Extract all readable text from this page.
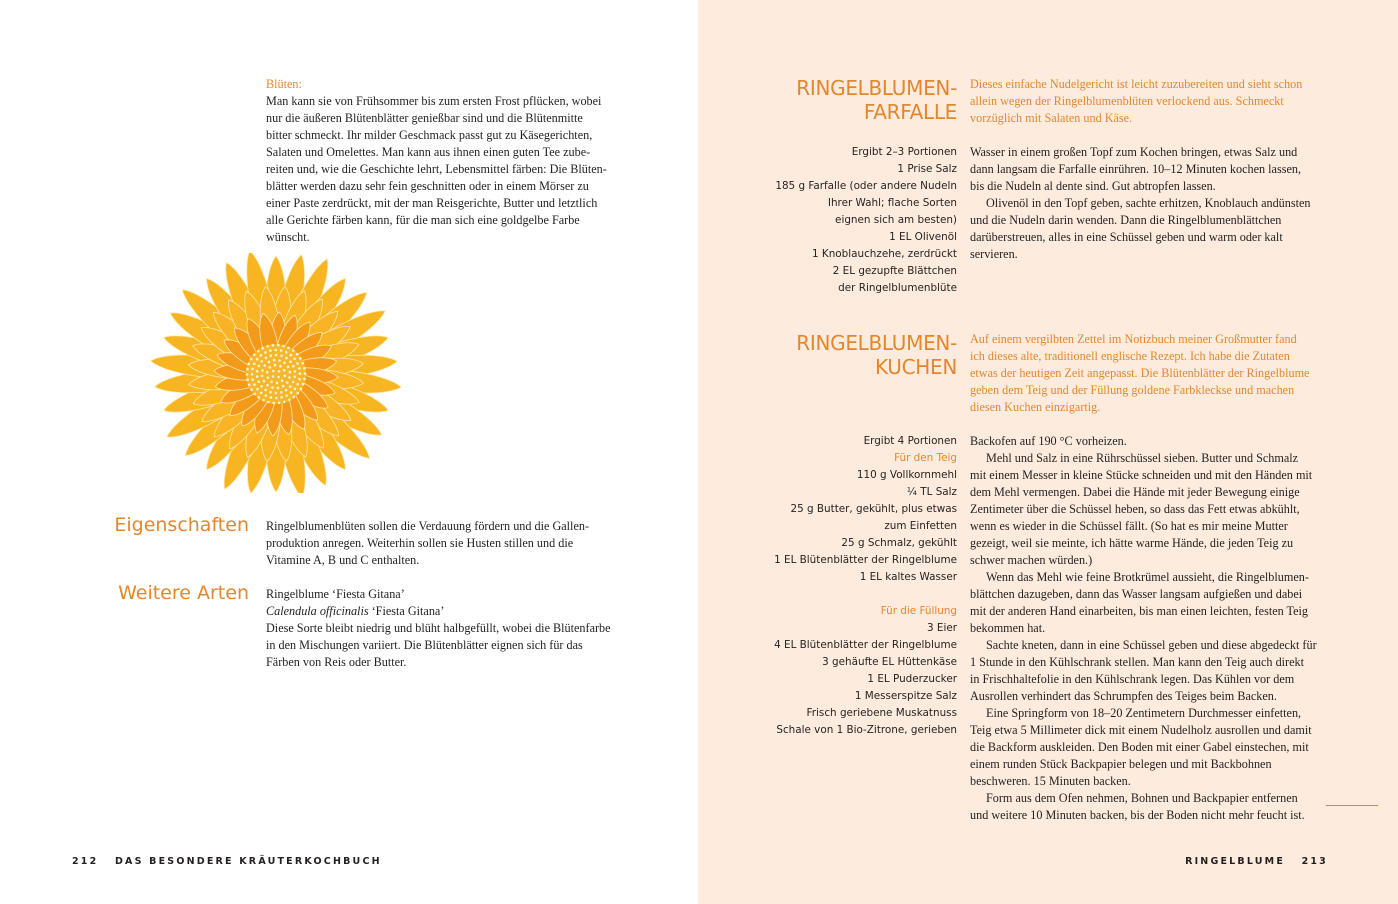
Blüten:

Man kann sie von Frühsommer bis zum ersten Frost pflücken, wobei

nur die äußeren Blütenblätter genießbar sind und die Blütenmitte

bitter schmeckt. Ihr milder Geschmack passt gut zu Käsegerichten,

Salaten und Omelettes. Man kann aus ihnen einen guten Tee zube-

reiten und, wie die Geschichte lehrt, Lebensmittel färben: Die Blüten-

blätter werden dazu sehr fein geschnitten oder in einem Mörser zu

einer Paste zerdrückt, mit der man Reisgerichte, Butter und letztlich

alle Gerichte färben kann, für die man sich eine goldgelbe Farbe

wünscht.

Eigenschaften Ringelblumenblüten sollen die Verdauung fördern und die Gallen-

produktion anregen. Weiterhin sollen sie Husten stillen und die

Vitamine A, B und C enthalten.

Weitere Arten Ringelblume ‘Fiesta Gitana’

Calendula officinalis ‘Fiesta Gitana’

Diese Sorte bleibt niedrig und blüht halbgefüllt, wobei die Blütenfarbe

in den Mischungen variiert. Die Blütenblätter eignen sich für das

Färben von Reis oder Butter.

212 DAS BESONDERE KRÄUTERKOCHBUCH
RINGELBLUMEN-
FARFALLE

Dieses einfache Nudelgericht ist leicht zuzubereiten und sieht schon

allein wegen der Ringelblumenblüten verlockend aus. Schmeckt

vorzüglich mit Salaten und Käse.

Ergibt 2–3 Portionen
1 Prise Salz
185 g Farfalle (oder andere Nudeln
Ihrer Wahl; flache Sorten
eignen sich am besten)
1 EL Olivenöl
1 Knoblauchzehe, zerdrückt
2 EL gezupfte Blättchen
der Ringelblumenblüte

Wasser in einem großen Topf zum Kochen bringen, etwas Salz und

dann langsam die Farfalle einrühren. 10–12 Minuten kochen lassen,

bis die Nudeln al dente sind. Gut abtropfen lassen.

Olivenöl in den Topf geben, sachte erhitzen, Knoblauch andünsten

und die Nudeln darin wenden. Dann die Ringelblumenblättchen

darüberstreuen, alles in eine Schüssel geben und warm oder kalt

servieren.

RINGELBLUMEN-
KUCHEN

Auf einem vergilbten Zettel im Notizbuch meiner Großmutter fand

ich dieses alte, traditionell englische Rezept. Ich habe die Zutaten

etwas der heutigen Zeit angepasst. Die Blütenblätter der Ringelblume

geben dem Teig und der Füllung goldene Farbkleckse und machen

diesen Kuchen einzigartig.

Ergibt 4 Portionen
Für den Teig
110 g Vollkornmehl
¼ TL Salz
25 g Butter, gekühlt, plus etwas
zum Einfetten
25 g Schmalz, gekühlt
1 EL Blütenblätter der Ringelblume
1 EL kaltes Wasser

Für die Füllung
3 Eier
4 EL Blütenblätter der Ringelblume
3 gehäufte EL Hüttenkäse
1 EL Puderzucker
1 Messerspitze Salz
Frisch geriebene Muskatnuss
Schale von 1 Bio-Zitrone, gerieben

Backofen auf 190 °C vorheizen.

Mehl und Salz in eine Rührschüssel sieben. Butter und Schmalz

mit einem Messer in kleine Stücke schneiden und mit den Händen mit

dem Mehl vermengen. Dabei die Hände mit jeder Bewegung einige

Zentimeter über die Schüssel heben, so dass das Fett etwas abkühlt,

wenn es wieder in die Schüssel fällt. (So hat es mir meine Mutter

gezeigt, weil sie meinte, ich hätte warme Hände, die jeden Teig zu

schwer machen würden.)

Wenn das Mehl wie feine Brotkrümel aussieht, die Ringelblumen-

blättchen dazugeben, dann das Wasser langsam aufgießen und dabei

mit der anderen Hand einarbeiten, bis man einen leichten, festen Teig

bekommen hat.

Sachte kneten, dann in eine Schüssel geben und diese abgedeckt für

1 Stunde in den Kühlschrank stellen. Man kann den Teig auch direkt

in Frischhaltefolie in den Kühlschrank legen. Das Kühlen vor dem

Ausrollen verhindert das Schrumpfen des Teiges beim Backen.

Eine Springform von 18–20 Zentimetern Durchmesser einfetten,

Teig etwa 5 Millimeter dick mit einem Nudelholz ausrollen und damit

die Backform auskleiden. Den Boden mit einer Gabel einstechen, mit

einem runden Stück Backpapier belegen und mit Backbohnen

beschweren. 15 Minuten backen.

Form aus dem Ofen nehmen, Bohnen und Backpapier entfernen

und weitere 10 Minuten backen, bis der Boden nicht mehr feucht ist.

RINGELBLUME 213
